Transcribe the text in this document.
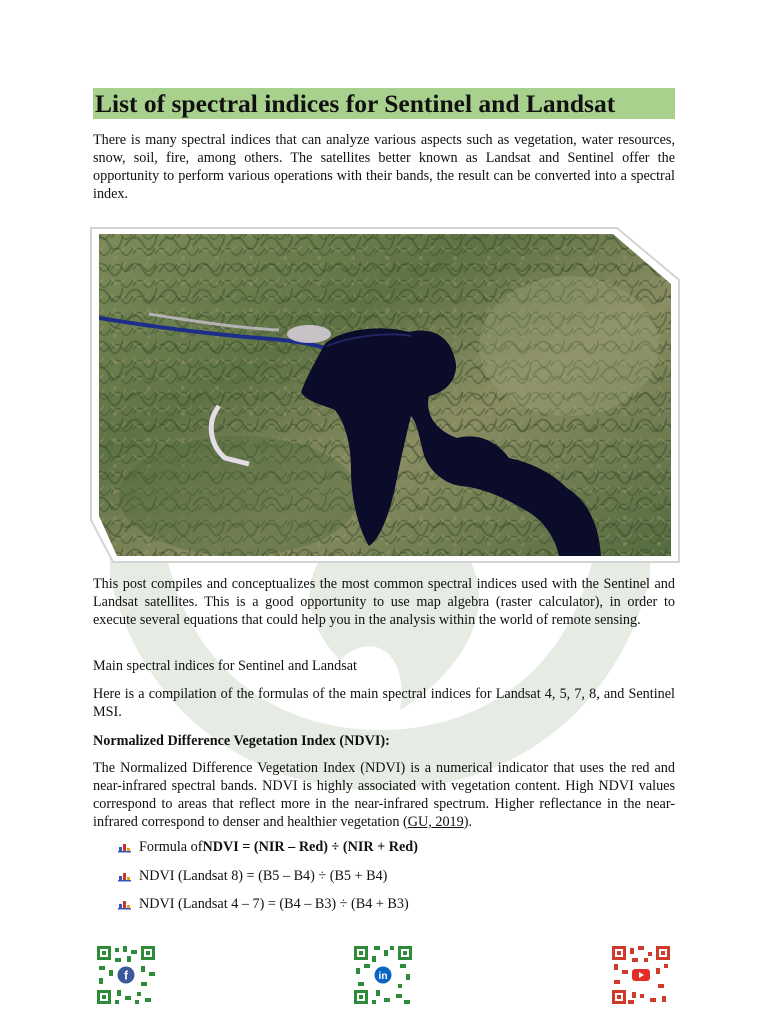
List of spectral indices for Sentinel and Landsat

There is many spectral indices that can analyze various aspects such as vegetation, water resources, snow, soil, fire, among others. The satellites better known as Landsat and Sentinel offer the opportunity to perform various operations with their bands, the result can be converted into a spectral index.

This post compiles and conceptualizes the most common spectral indices used with the Sentinel and Landsat satellites. This is a good opportunity to use map algebra (raster calculator), in order to execute several equations that could help you in the analysis within the world of remote sensing.

Main spectral indices for Sentinel and Landsat

Here is a compilation of the formulas of the main spectral indices for Landsat 4, 5, 7, 8, and Sentinel MSI.

Normalized Difference Vegetation Index (NDVI):

The Normalized Difference Vegetation Index (NDVI) is a numerical indicator that uses the red and near-infrared spectral bands. NDVI is highly associated with vegetation content. High NDVI values correspond to areas that reflect more in the near-infrared spectrum. Higher reflectance in the near-infrared correspond to denser and healthier vegetation (GU, 2019).

Formula of NDVI = (NIR – Red) ÷ (NIR + Red)
NDVI (Landsat 8) = (B5 – B4) ÷ (B5 + B4)
NDVI (Landsat 4 – 7) = (B4 – B3) ÷ (B4 + B3)
f	in
